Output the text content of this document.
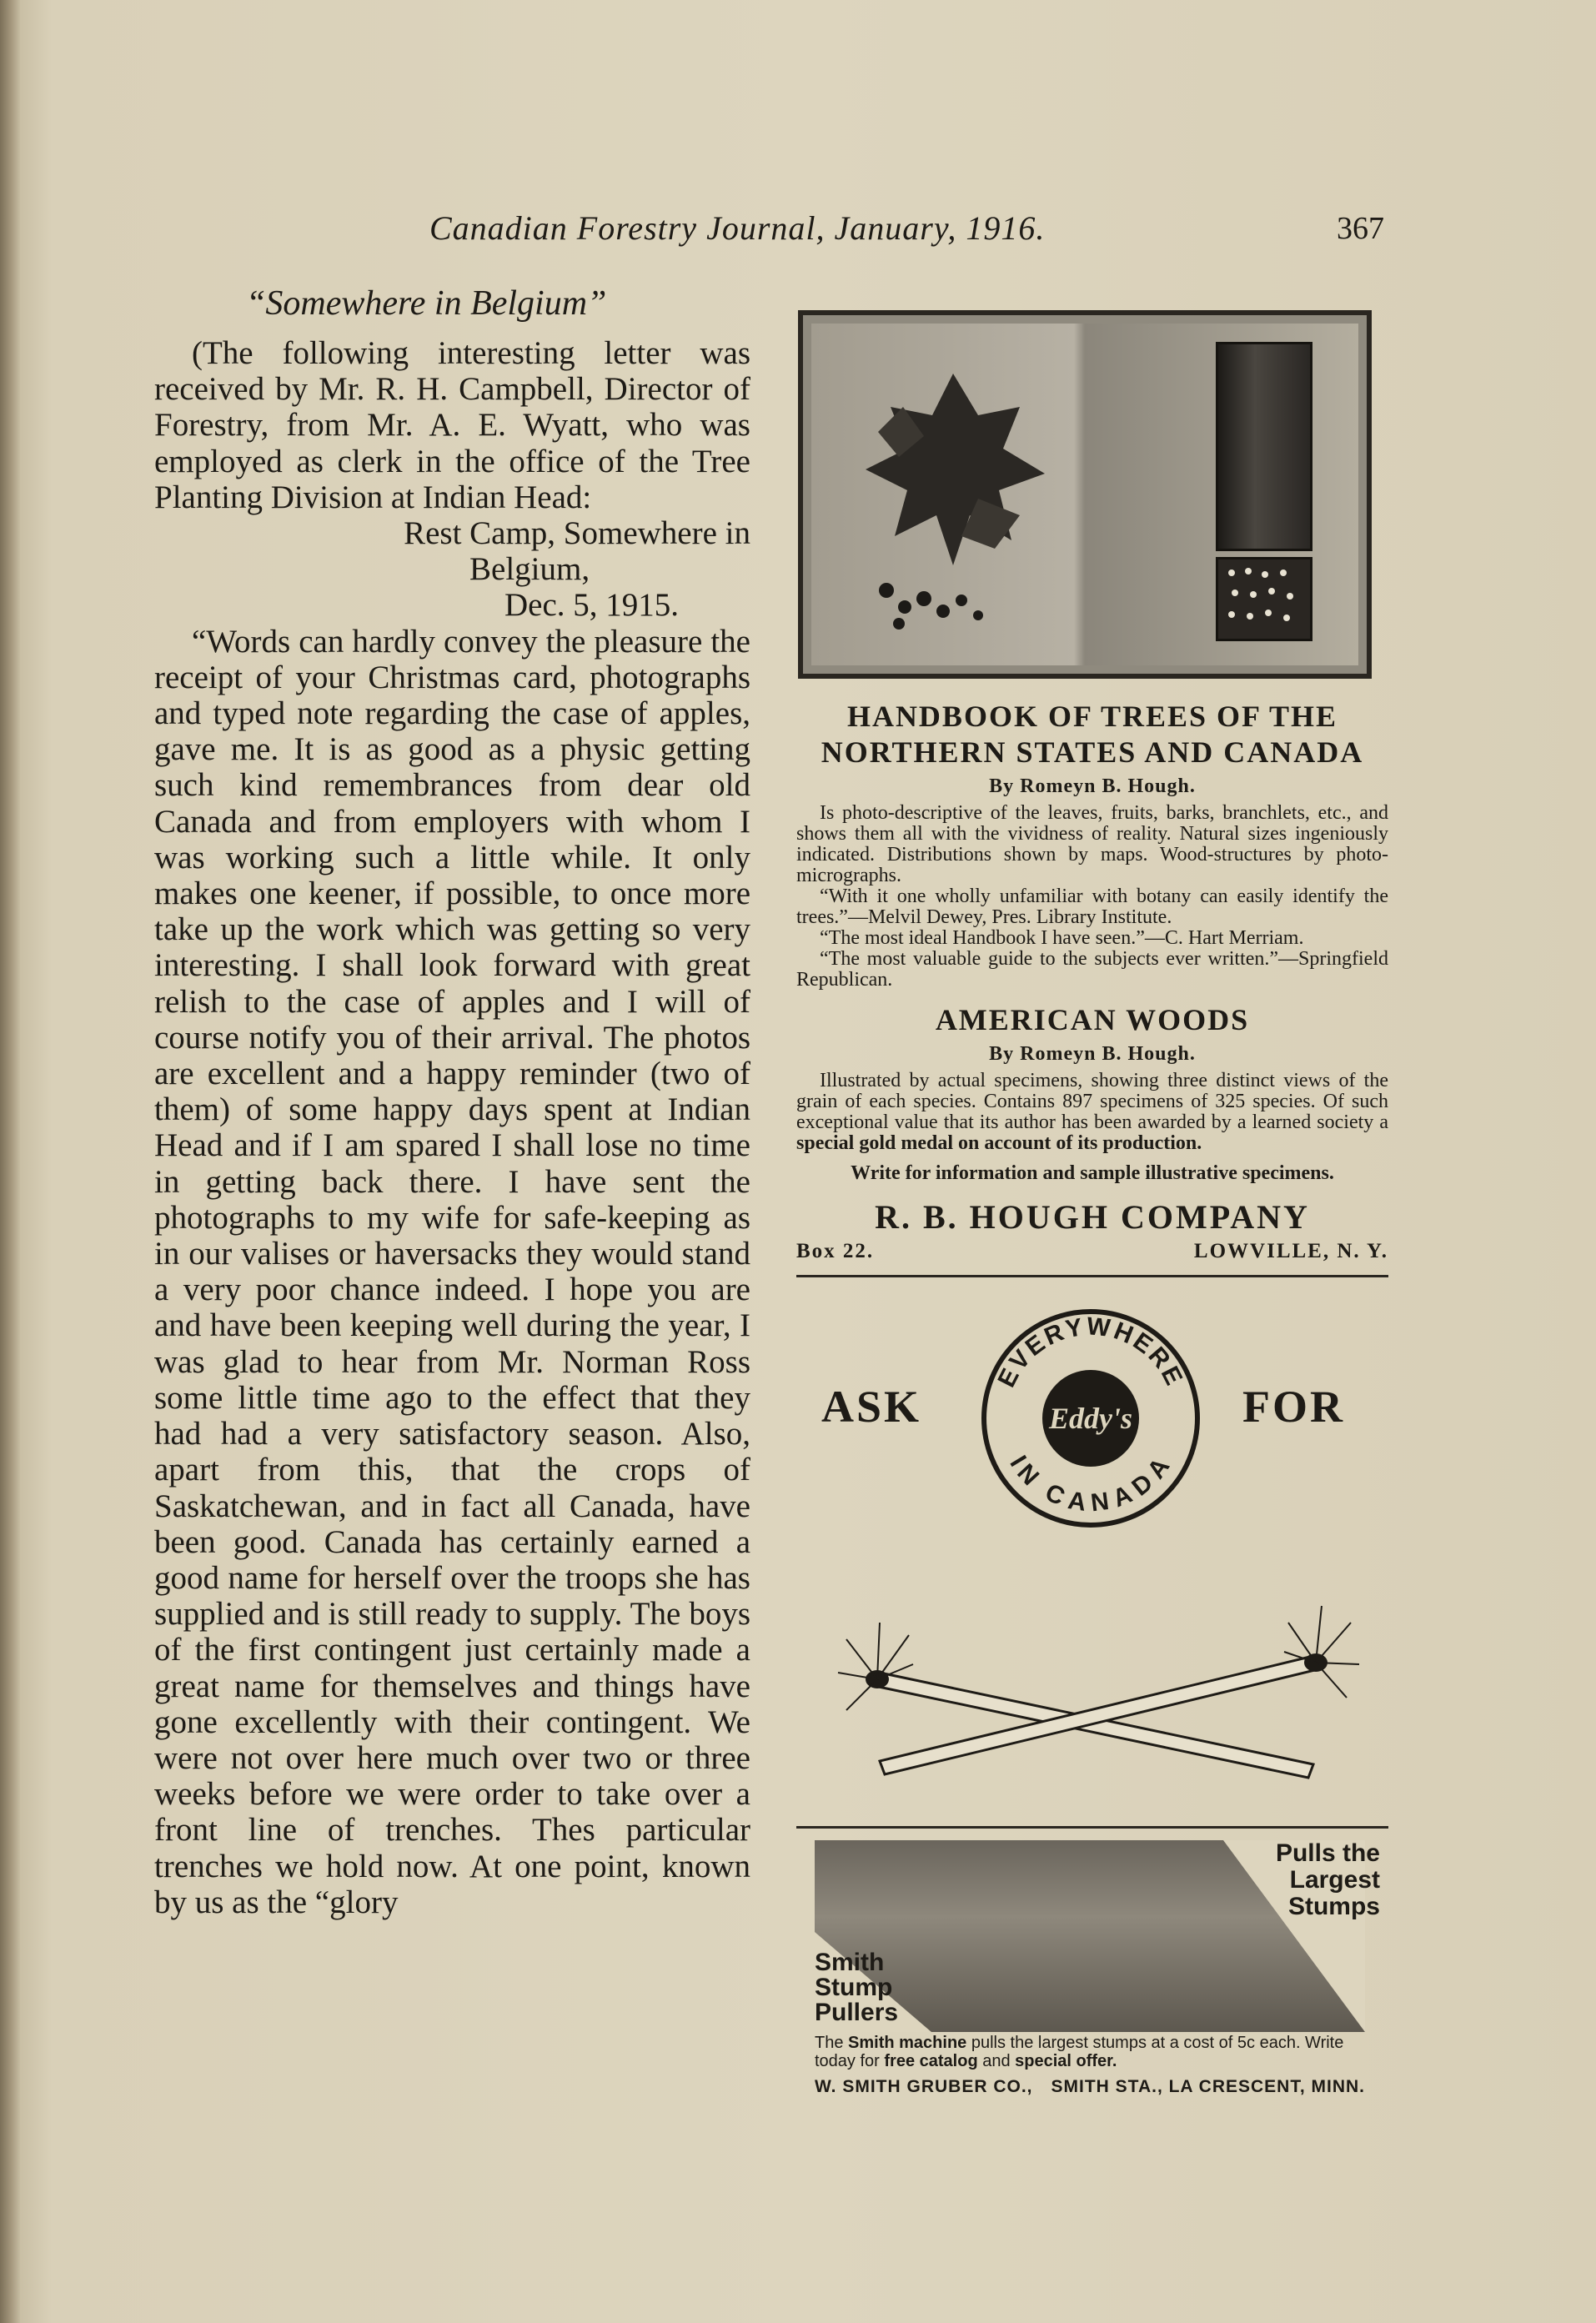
Canadian Forestry Journal, January, 1916.	367
“Somewhere in Belgium”

(The following interesting letter was received by Mr. R. H. Campbell, Director of Forestry, from Mr. A. E. Wyatt, who was employed as clerk in the office of the Tree Planting Division at Indian Head:

Rest Camp, Somewhere in

Belgium,

Dec. 5, 1915.

“Words can hardly convey the pleasure the receipt of your Christmas card, photographs and typed note regarding the case of apples, gave me. It is as good as a physic getting such kind remembrances from dear old Canada and from employers with whom I was working such a little while. It only makes one keener, if possible, to once more take up the work which was getting so very interesting. I shall look forward with great relish to the case of apples and I will of course notify you of their arrival. The photos are excellent and a happy reminder (two of them) of some happy days spent at Indian Head and if I am spared I shall lose no time in getting back there. I have sent the photographs to my wife for safe-keeping as in our valises or haversacks they would stand a very poor chance indeed. I hope you are and have been keeping well during the year, I was glad to hear from Mr. Norman Ross some little time ago to the effect that they had had a very satisfactory season. Also, apart from this, that the crops of Saskatchewan, and in fact all Canada, have been good. Canada has certainly earned a good name for herself over the troops she has supplied and is still ready to supply. The boys of the first contingent just certainly made a great name for themselves and things have gone excellently with their contingent. We were not over here much over two or three weeks before we were order to take over a front line of trenches. Thes particular trenches we hold now. At one point, known by us as the “glory

HANDBOOK OF TREES OF THE
NORTHERN STATES AND CANADA
By Romeyn B. Hough.

Is photo-descriptive of the leaves, fruits, barks, branchlets, etc., and shows them all with the vividness of reality. Natural sizes ingeniously indicated. Distributions shown by maps. Wood-structures by photo-micrographs.

“With it one wholly unfamiliar with botany can easily identify the trees.”—Melvil Dewey, Pres. Library Institute.

“The most ideal Handbook I have seen.”—C. Hart Merriam.

“The most valuable guide to the subjects ever written.”—Springfield Republican.

AMERICAN WOODS
By Romeyn B. Hough.

Illustrated by actual specimens, showing three distinct views of the grain of each species. Contains 897 specimens of 325 species. Of such exceptional value that its author has been awarded by a learned society a special gold medal on account of its production.

Write for information and sample illustrative specimens.
R. B. HOUGH COMPANY
Box 22.	LOWVILLE, N. Y.
ASK
EVERYWHERE
IN CANADA
Eddy's FOR
Pulls the
Largest
Stumps
Smith
Stump
Pullers
The Smith machine pulls the largest stumps at a cost of 5c each. Write today for free catalog and special offer.
W. SMITH GRUBER CO., SMITH STA., LA CRESCENT, MINN.
